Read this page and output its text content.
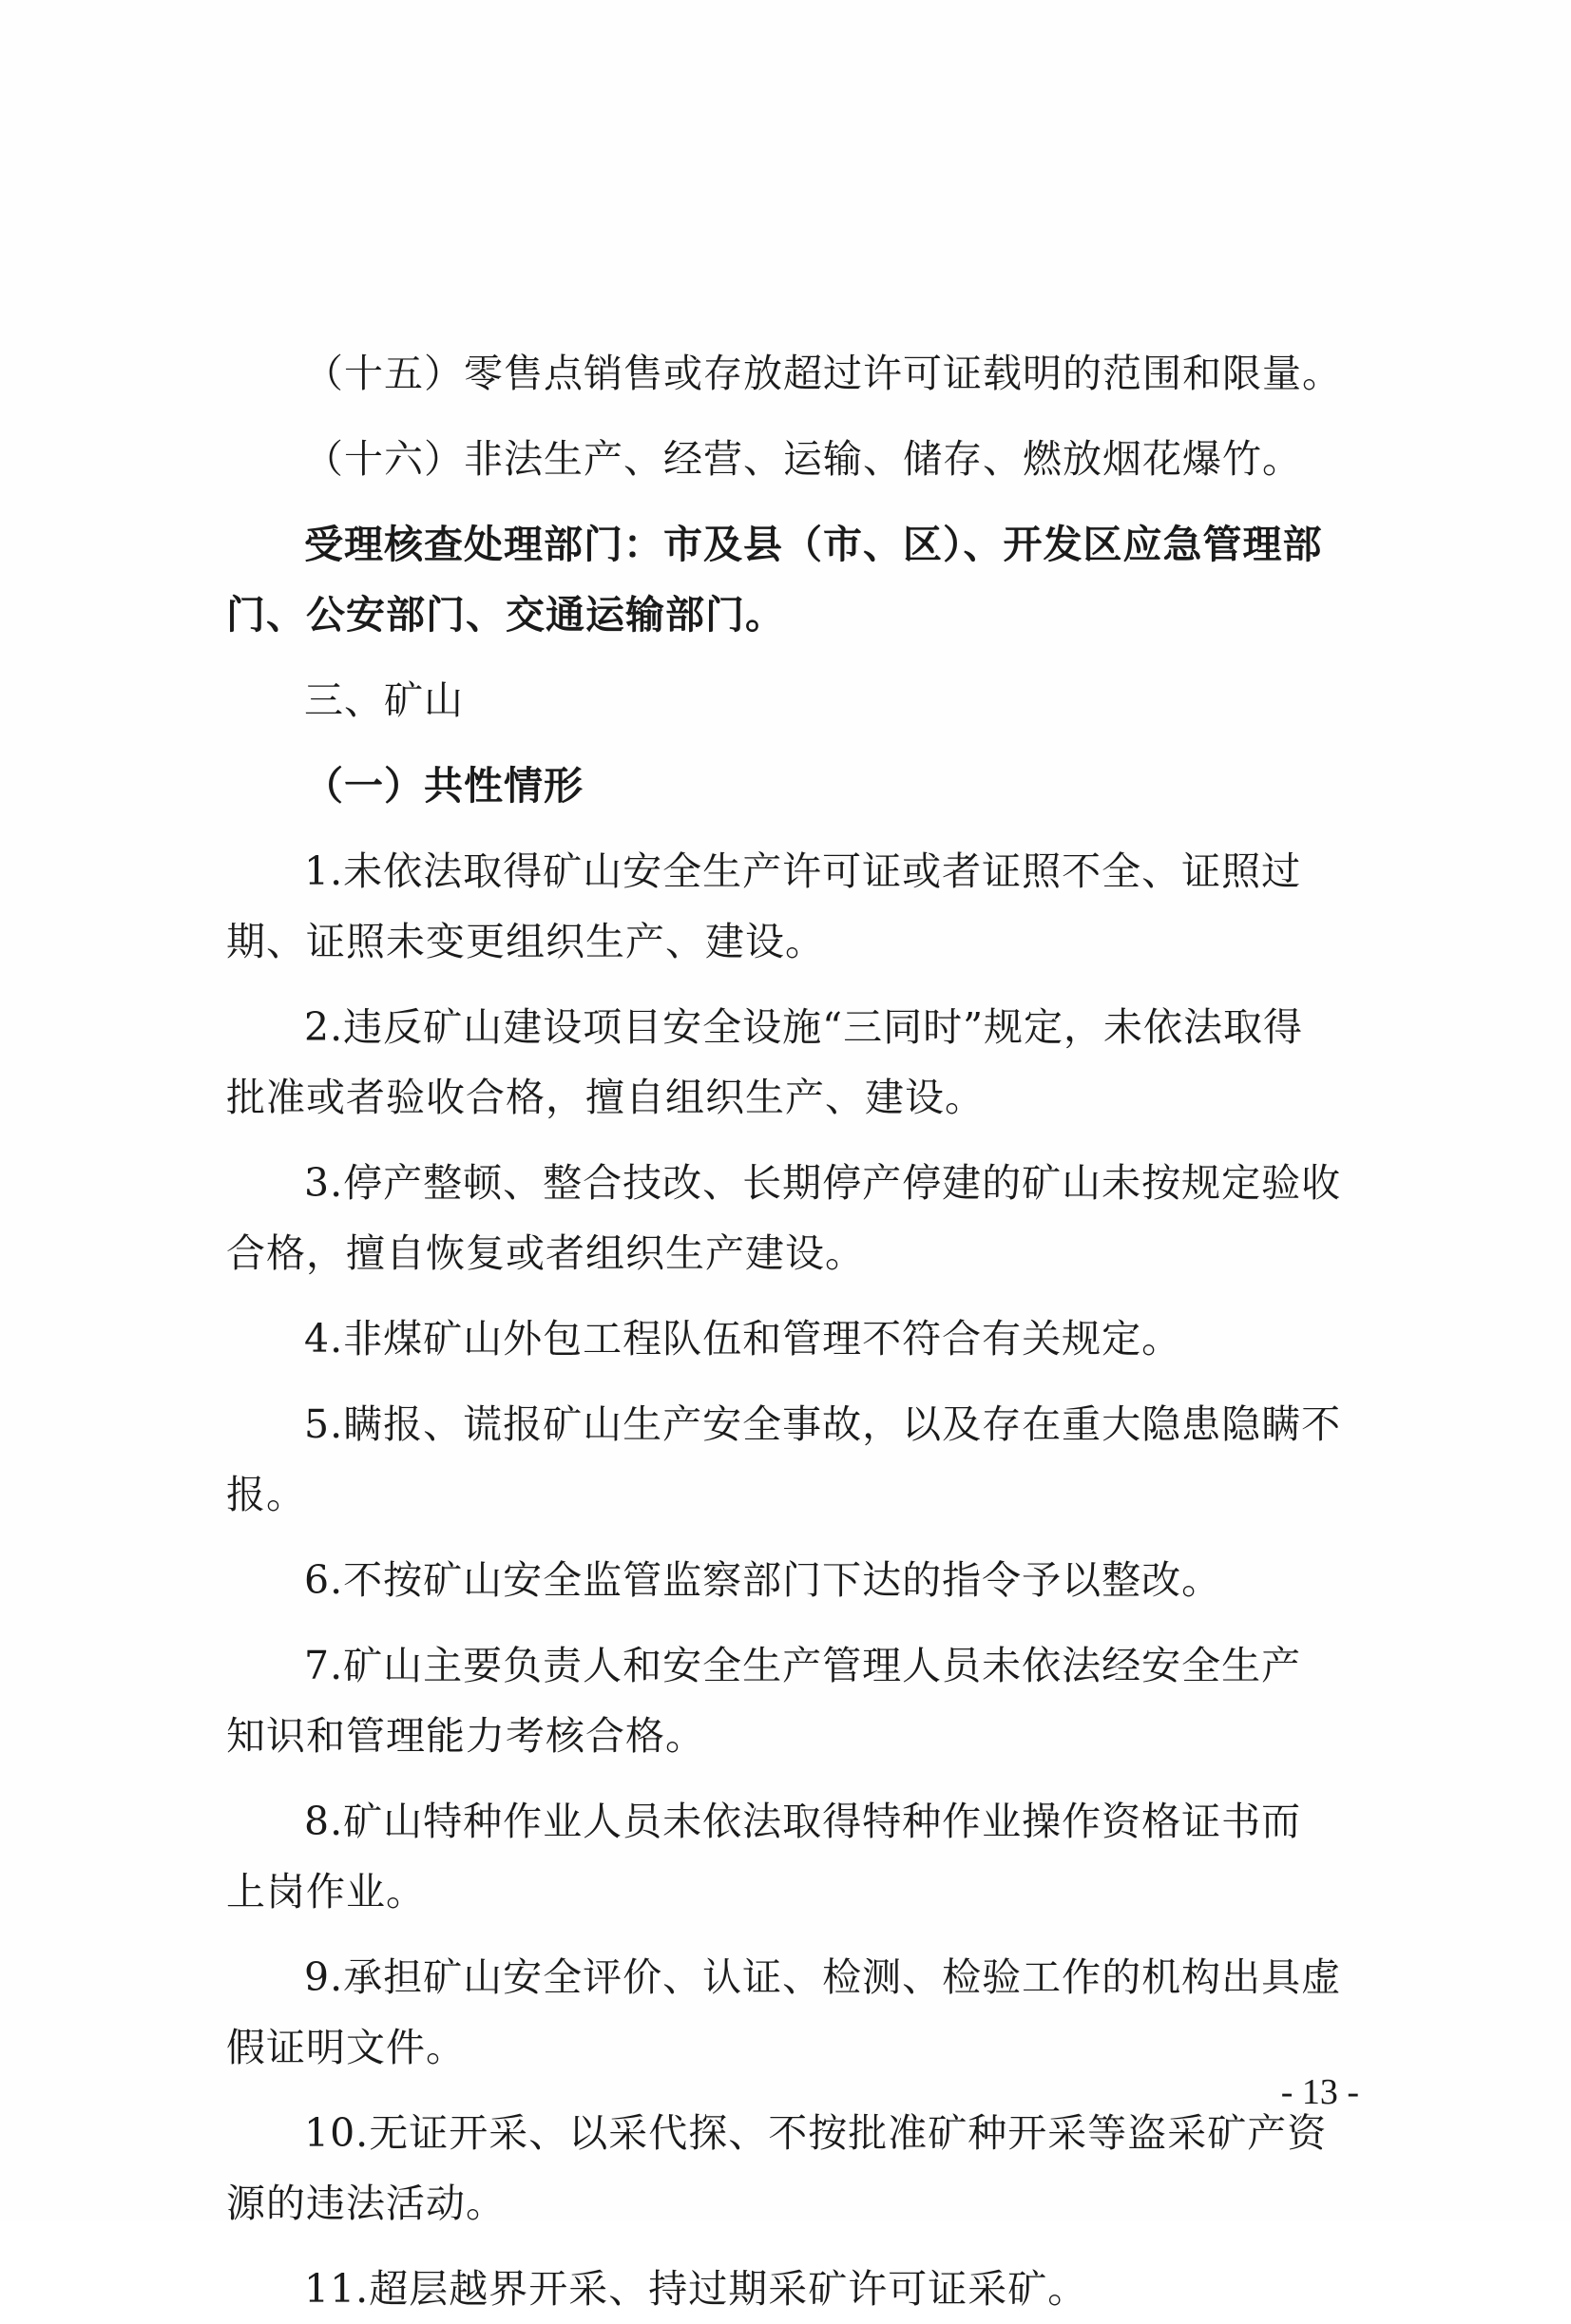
（十五）零售点销售或存放超过许可证载明的范围和限量。
（十六）非法生产、经营、运输、储存、燃放烟花爆竹。
受理核查处理部门：市及县（市、区）、开发区应急管理部
门、公安部门、交通运输部门。
三、矿山
（一）共性情形
1.未依法取得矿山安全生产许可证或者证照不全、证照过
期、证照未变更组织生产、建设。
2.违反矿山建设项目安全设施“三同时”规定，未依法取得
批准或者验收合格，擅自组织生产、建设。
3.停产整顿、整合技改、长期停产停建的矿山未按规定验收
合格，擅自恢复或者组织生产建设。
4.非煤矿山外包工程队伍和管理不符合有关规定。
5.瞒报、谎报矿山生产安全事故，以及存在重大隐患隐瞒不
报。
6.不按矿山安全监管监察部门下达的指令予以整改。
7.矿山主要负责人和安全生产管理人员未依法经安全生产
知识和管理能力考核合格。
8.矿山特种作业人员未依法取得特种作业操作资格证书而
上岗作业。
9.承担矿山安全评价、认证、检测、检验工作的机构出具虚
假证明文件。
10.无证开采、以采代探、不按批准矿种开采等盗采矿产资
源的违法活动。
11.超层越界开采、持过期采矿许可证采矿。
- 13 -
